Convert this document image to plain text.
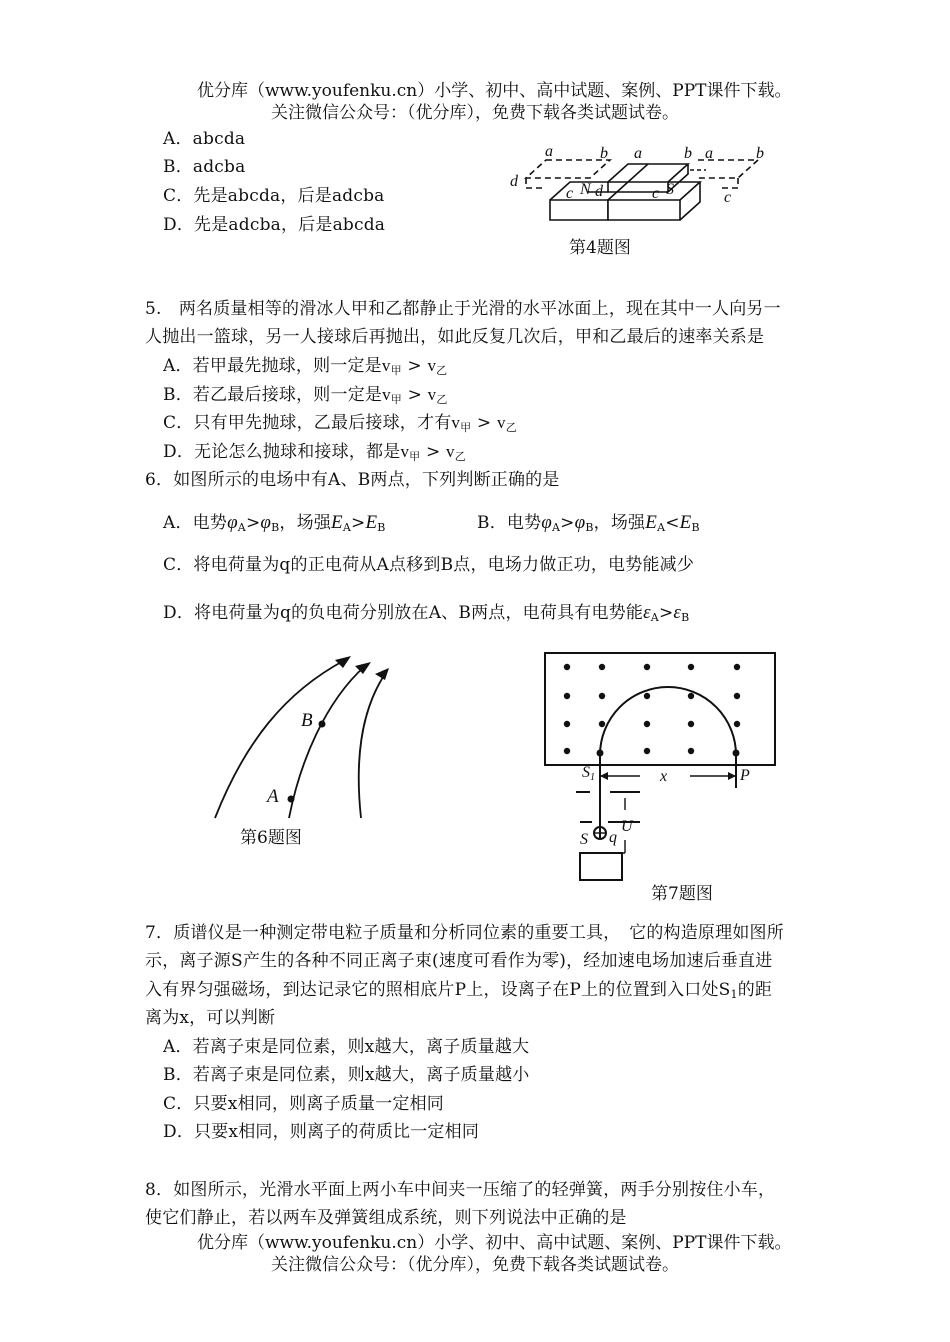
优分库（www.youfenku.cn）小学、初中、高中试题、案例、PPT课件下载。
关注微信公众号：（优分库），免费下载各类试题试卷。
A．abcda
B．adcba
C．先是abcda，后是adcba
D．先是adcba，后是abcda
a	b
d
c N d
a	b
c S
a	b
c
第4题图
5.　两名质量相等的滑冰人甲和乙都静止于光滑的水平冰面上，现在其中一人向另一
人抛出一篮球，另一人接球后再抛出，如此反复几次后，甲和乙最后的速率关系是
A．若甲最先抛球，则一定是$v_甲 > v_乙$
B．若乙最后接球，则一定是$v_甲 > v_乙$
C．只有甲先抛球，乙最后接球，才有$v_甲 > v_乙$
D．无论怎么抛球和接球，都是$v_甲 > v_乙$
6．如图所示的电场中有A、B两点，下列判断正确的是
A．电势$\varphi_A>\varphi_B$，场强$E_A>E_B$	B．电势$\varphi_A>\varphi_B$，场强$E_A<E_B$
C．将电荷量为q的正电荷从A点移到B点，电场力做正功，电势能减少
D．将电荷量为q的负电荷分别放在A、B两点，电荷具有电势能$\varepsilon_A>\varepsilon_B$
A
B
第6题图
S1	x	P
U
S q
第7题图
7．质谱仪是一种测定带电粒子质量和分析同位素的重要工具，　它的构造原理如图所
示，离子源S产生的各种不同正离子束(速度可看作为零)，经加速电场加速后垂直进
入有界匀强磁场，到达记录它的照相底片P上，设离子在P上的位置到入口处$S_1$的距
离为x，可以判断
A．若离子束是同位素，则x越大，离子质量越大
B．若离子束是同位素，则x越大，离子质量越小
C．只要x相同，则离子质量一定相同
D．只要x相同，则离子的荷质比一定相同
8．如图所示，光滑水平面上两小车中间夹一压缩了的轻弹簧，两手分别按住小车，
使它们静止，若以两车及弹簧组成系统，则下列说法中正确的是
优分库（www.youfenku.cn）小学、初中、高中试题、案例、PPT课件下载。
关注微信公众号：（优分库），免费下载各类试题试卷。
